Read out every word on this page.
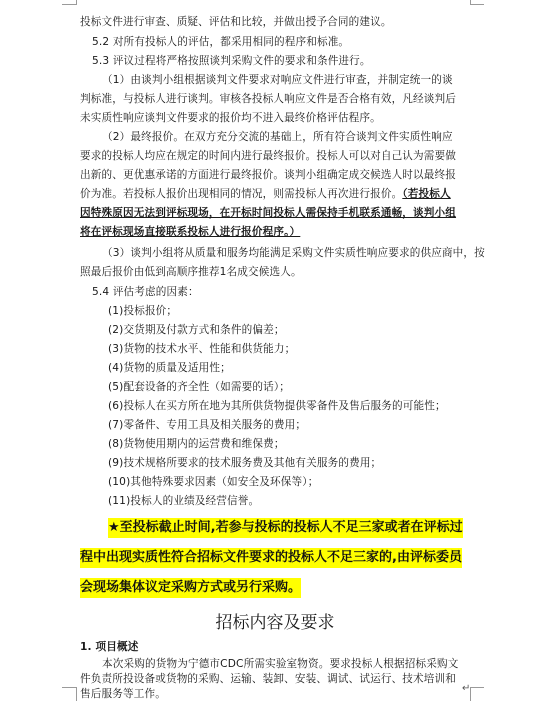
投标文件进行审查、质疑、评估和比较，并做出授予合同的建议。
5.2 对所有投标人的评估，都采用相同的程序和标准。
5.3 评议过程将严格按照谈判采购文件的要求和条件进行。
（1）由谈判小组根据谈判文件要求对响应文件进行审查，并制定统一的谈
判标准，与投标人进行谈判。审核各投标人响应文件是否合格有效，凡经谈判后
未实质性响应谈判文件要求的报价均不进入最终价格评估程序。
（2）最终报价。在双方充分交流的基础上，所有符合谈判文件实质性响应
要求的投标人均应在规定的时间内进行最终报价。投标人可以对自己认为需要做
出新的、更优惠承诺的方面进行最终报价。谈判小组确定成交候选人时以最终报
价为准。若投标人报价出现相同的情况，则需投标人再次进行报价。（若投标人
因特殊原因无法到评标现场，在开标时间投标人需保持手机联系通畅，谈判小组
将在评标现场直接联系投标人进行报价程序。）
（3）谈判小组将从质量和服务均能满足采购文件实质性响应要求的供应商中，按
照最后报价由低到高顺序推荐1名成交候选人。
5.4 评估考虑的因素：
(1)投标报价；
(2)交货期及付款方式和条件的偏差；
(3)货物的技术水平、性能和供货能力；
(4)货物的质量及适用性；
(5)配套设备的齐全性（如需要的话）；
(6)投标人在买方所在地为其所供货物提供零备件及售后服务的可能性；
(7)零备件、专用工具及相关服务的费用；
(8)货物使用期内的运营费和维保费；
(9)技术规格所要求的技术服务费及其他有关服务的费用；
(10)其他特殊要求因素（如安全及环保等）；
(11)投标人的业绩及经营信誉。
★至投标截止时间,若参与投标的投标人不足三家或者在评标过
程中出现实质性符合招标文件要求的投标人不足三家的,由评标委员
会现场集体议定采购方式或另行采购。
招标内容及要求
1. 项目概述
本次采购的货物为宁德市CDC所需实验室物资。要求投标人根据招标采购文
件负责所投设备或货物的采购、运输、装卸、安装、调试、试运行、技术培训和
售后服务等工作。	↵
